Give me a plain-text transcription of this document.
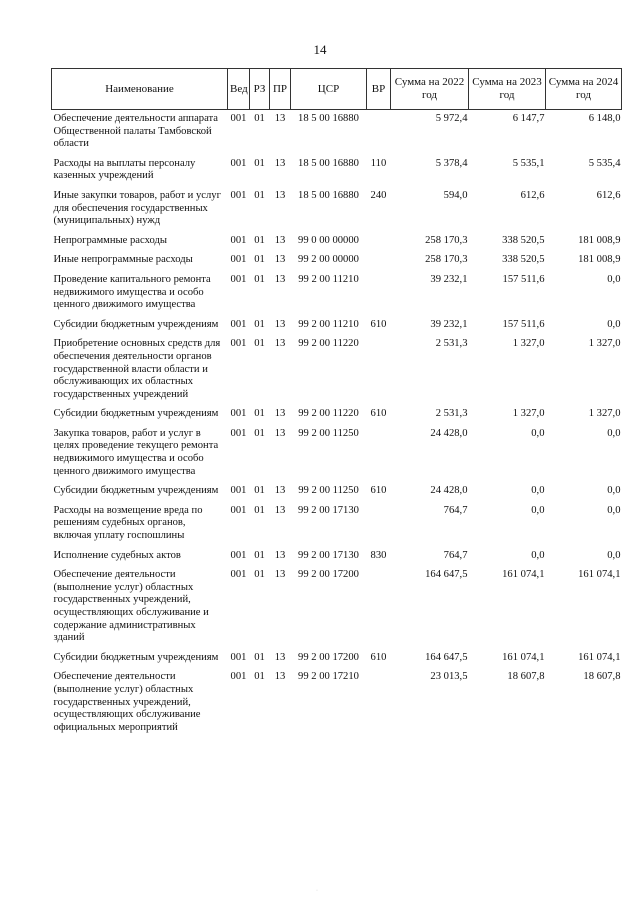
14
Наименование	Вед	РЗ	ПР	ЦСР	ВР	Сумма на 2022 год	Сумма на 2023 год	Сумма на 2024 год
Обеспечение деятельности аппарата Общественной палаты Тамбовской области	001	01	13	18 5 00 16880		5 972,4	6 147,7	6 148,0
Расходы на выплаты персоналу казенных учреждений	001	01	13	18 5 00 16880	110	5 378,4	5 535,1	5 535,4
Иные закупки товаров, работ и услуг для обеспечения государственных (муниципальных) нужд	001	01	13	18 5 00 16880	240	594,0	612,6	612,6
Непрограммные расходы	001	01	13	99 0 00 00000		258 170,3	338 520,5	181 008,9
Иные непрограммные расходы	001	01	13	99 2 00 00000		258 170,3	338 520,5	181 008,9
Проведение капитального ремонта недвижимого имущества и особо ценного движимого имущества	001	01	13	99 2 00 11210		39 232,1	157 511,6	0,0
Субсидии бюджетным учреждениям	001	01	13	99 2 00 11210	610	39 232,1	157 511,6	0,0
Приобретение основных средств для обеспечения деятельности органов государственной власти области и обслуживающих их областных государственных учреждений	001	01	13	99 2 00 11220		2 531,3	1 327,0	1 327,0
Субсидии бюджетным учреждениям	001	01	13	99 2 00 11220	610	2 531,3	1 327,0	1 327,0
Закупка товаров, работ и услуг в целях проведение текущего ремонта недвижимого имущества и особо ценного движимого имущества	001	01	13	99 2 00 11250		24 428,0	0,0	0,0
Субсидии бюджетным учреждениям	001	01	13	99 2 00 11250	610	24 428,0	0,0	0,0
Расходы на возмещение вреда по решениям судебных органов, включая уплату госпошлины	001	01	13	99 2 00 17130		764,7	0,0	0,0
Исполнение судебных актов	001	01	13	99 2 00 17130	830	764,7	0,0	0,0
Обеспечение деятельности (выполнение услуг) областных государственных учреждений, осуществляющих обслуживание и содержание административных зданий	001	01	13	99 2 00 17200		164 647,5	161 074,1	161 074,1
Субсидии бюджетным учреждениям	001	01	13	99 2 00 17200	610	164 647,5	161 074,1	161 074,1
Обеспечение деятельности (выполнение услуг) областных государственных учреждений, осуществляющих обслуживание официальных мероприятий	001	01	13	99 2 00 17210		23 013,5	18 607,8	18 607,8
·
